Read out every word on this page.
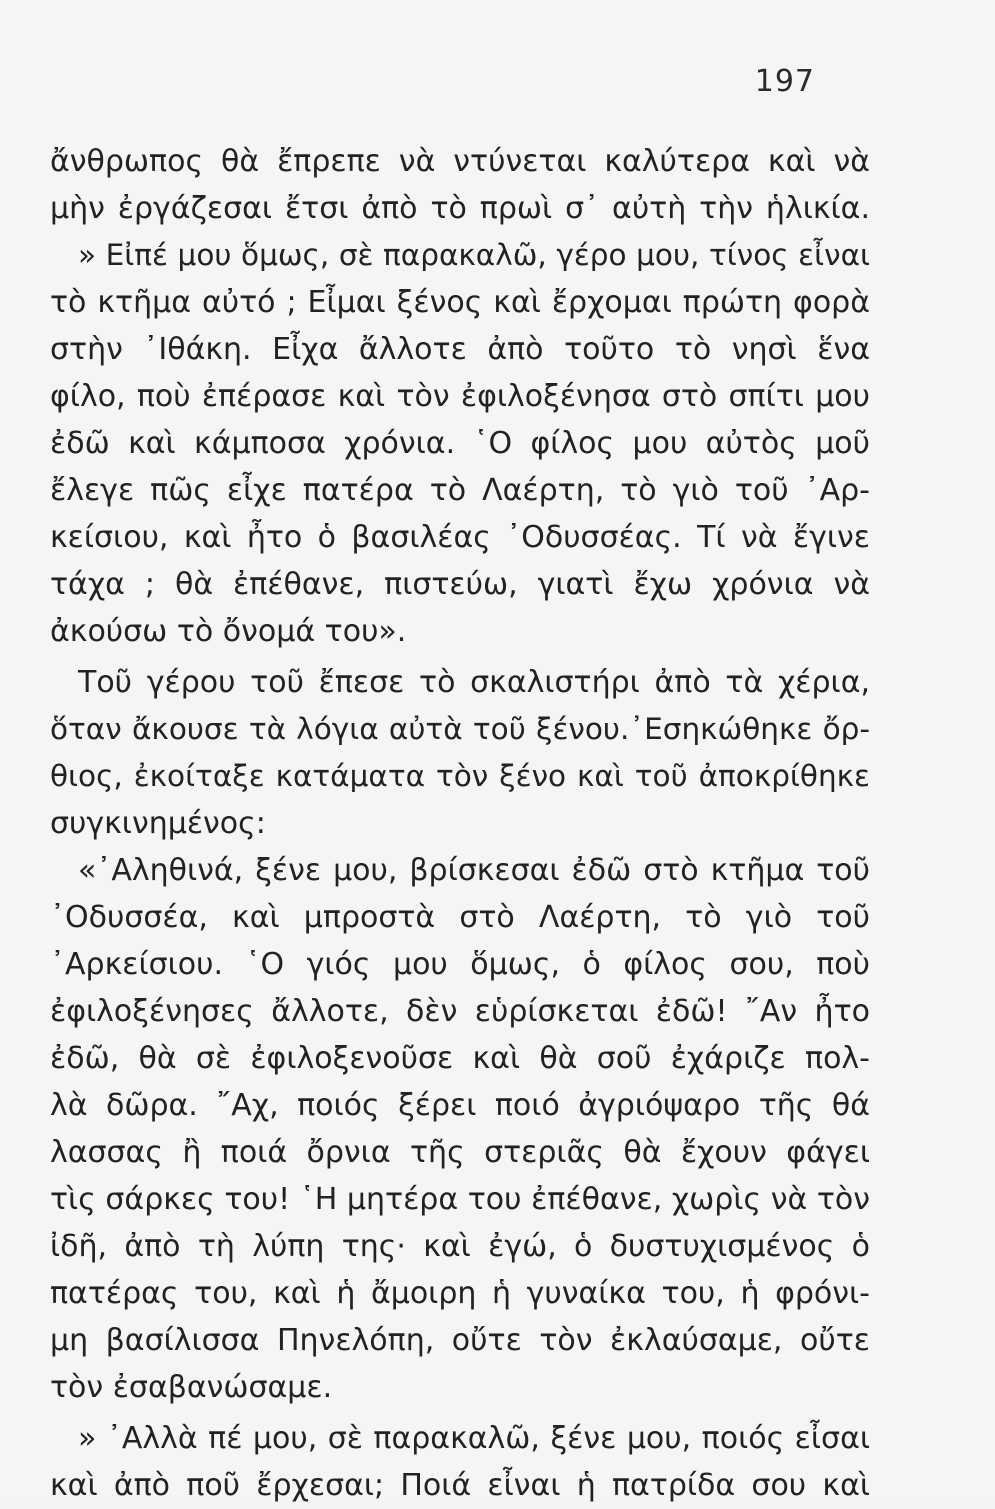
197
ἄνθρωπος θὰ ἔπρεπε νὰ ντύνεται καλύτερα καὶ νὰ
μὴν ἐργάζεσαι ἔτσι ἀπὸ τὸ πρωὶ σ᾿ αὐτὴ τὴν ἡλικία.
» Εἰπέ μου ὅμως, σὲ παρακαλῶ, γέρο μου, τίνος εἶναι
τὸ κτῆμα αὐτό ; Εἶμαι ξένος καὶ ἔρχομαι πρώτη φορὰ
στὴν ᾿Ιθάκη. Εἶχα ἄλλοτε ἀπὸ τοῦτο τὸ νησὶ ἕνα
φίλο, ποὺ ἐπέρασε καὶ τὸν ἐφιλοξένησα στὸ σπίτι μου
ἐδῶ καὶ κάμποσα χρόνια. ῾Ο φίλος μου αὐτὸς μοῦ
ἔλεγε πῶς εἶχε πατέρα τὸ Λαέρτη, τὸ γιὸ τοῦ ᾿Αρ-
κείσιου, καὶ ἦτο ὁ βασιλέας ᾿Οδυσσέας. Τί νὰ ἔγινε
τάχα ; θὰ ἐπέθανε, πιστεύω, γιατὶ ἔχω χρόνια νὰ
ἀκούσω τὸ ὄνομά του».
Τοῦ γέρου τοῦ ἔπεσε τὸ σκαλιστήρι ἀπὸ τὰ χέρια,
ὅταν ἄκουσε τὰ λόγια αὐτὰ τοῦ ξένου.᾿Εσηκώθηκε ὄρ-
θιος, ἐκοίταξε κατάματα τὸν ξένο καὶ τοῦ ἀποκρίθηκε
συγκινημένος:
«᾿Αληθινά, ξένε μου, βρίσκεσαι ἐδῶ στὸ κτῆμα τοῦ
᾿Οδυσσέα, καὶ μπροστὰ στὸ Λαέρτη, τὸ γιὸ τοῦ
᾿Αρκείσιου. ῾Ο γιός μου ὅμως, ὁ φίλος σου, ποὺ
ἐφιλοξένησες ἄλλοτε, δὲν εὑρίσκεται ἐδῶ! ῎Αν ἦτο
ἐδῶ, θὰ σὲ ἐφιλοξενοῦσε καὶ θὰ σοῦ ἐχάριζε πολ-
λὰ δῶρα. ῎Αχ, ποιός ξέρει ποιό ἀγριόψαρο τῆς θά
λασσας ἢ ποιά ὄρνια τῆς στεριᾶς θὰ ἔχουν φάγει
τὶς σάρκες του! ῾Η μητέρα του ἐπέθανε, χωρὶς νὰ τὸν
ἰδῆ, ἀπὸ τὴ λύπη της· καὶ ἐγώ, ὁ δυστυχισμένος ὁ
πατέρας του, καὶ ἡ ἄμοιρη ἡ γυναίκα του, ἡ φρόνι-
μη βασίλισσα Πηνελόπη, οὔτε τὸν ἐκλαύσαμε, οὔτε
τὸν ἐσαβανώσαμε.
» ᾿Αλλὰ πέ μου, σὲ παρακαλῶ, ξένε μου, ποιός εἶσαι
καὶ ἀπὸ ποῦ ἔρχεσαι; Ποιά εἶναι ἡ πατρίδα σου καὶ
